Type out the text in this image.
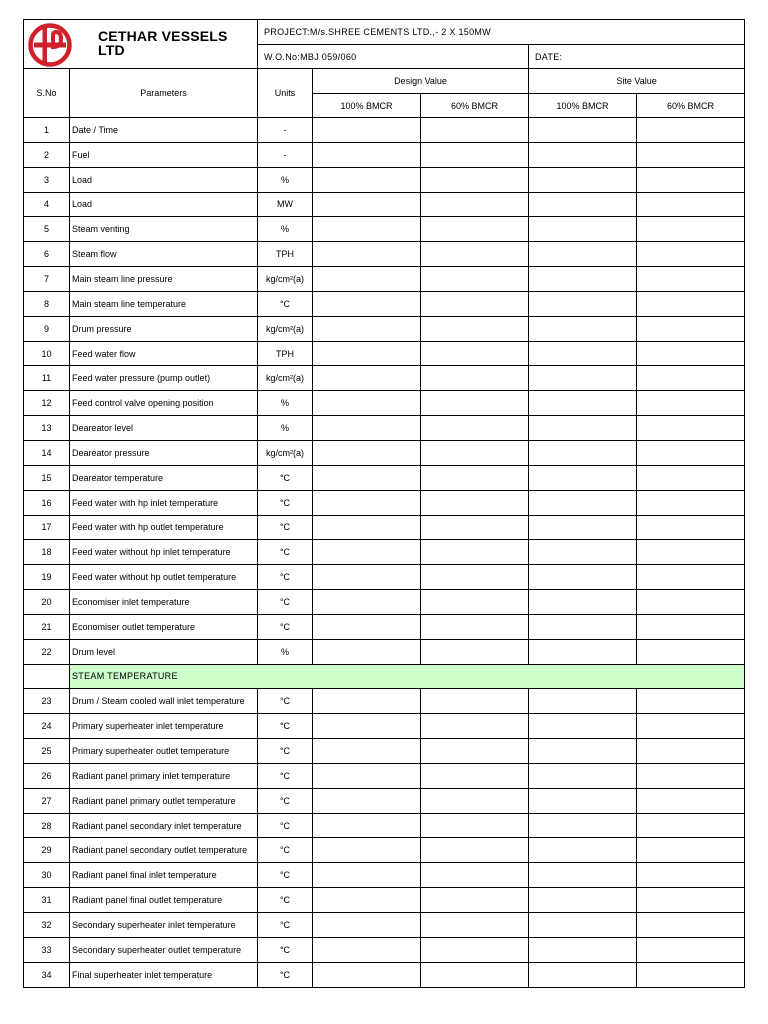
CETHAR VESSELS
LTD		PROJECT:M/s.SHREE CEMENTS LTD.,- 2 X 150MW				
		W.O.No:MBJ 059/060			DATE:	
S.No	Parameters	Units	Design Value		Site Value	
			100% BMCR	60% BMCR	100% BMCR	60% BMCR
1	Date / Time	-				
2	Fuel	-				
3	Load	%				
4	Load	MW				
5	Steam venting	%				
6	Steam flow	TPH				
7	Main steam line pressure	kg/cm²(a)				
8	Main steam line temperature	°C				
9	Drum pressure	kg/cm²(a)				
10	Feed water flow	TPH				
11	Feed water pressure (pump outlet)	kg/cm²(a)				
12	Feed control valve opening position	%				
13	Deareator level	%				
14	Deareator pressure	kg/cm²(a)				
15	Deareator temperature	°C				
16	Feed water with hp inlet temperature	°C				
17	Feed water with hp outlet temperature	°C				
18	Feed water without hp inlet temperature	°C				
19	Feed water without hp outlet temperature	°C				
20	Economiser inlet temperature	°C				
21	Economiser outlet temperature	°C				
22	Drum level	%				
	STEAM TEMPERATURE					
23	Drum / Steam cooled wall inlet temperature	°C				
24	Primary superheater inlet temperature	°C				
25	Primary superheater outlet temperature	°C				
26	Radiant panel primary inlet temperature	°C				
27	Radiant panel primary outlet temperature	°C				
28	Radiant panel secondary inlet temperature	°C				
29	Radiant panel secondary outlet temperature	°C				
30	Radiant panel final inlet temperature	°C				
31	Radiant panel final outlet temperature	°C				
32	Secondary superheater inlet temperature	°C				
33	Secondary superheater outlet temperature	°C				
34	Final superheater inlet temperature	°C				
